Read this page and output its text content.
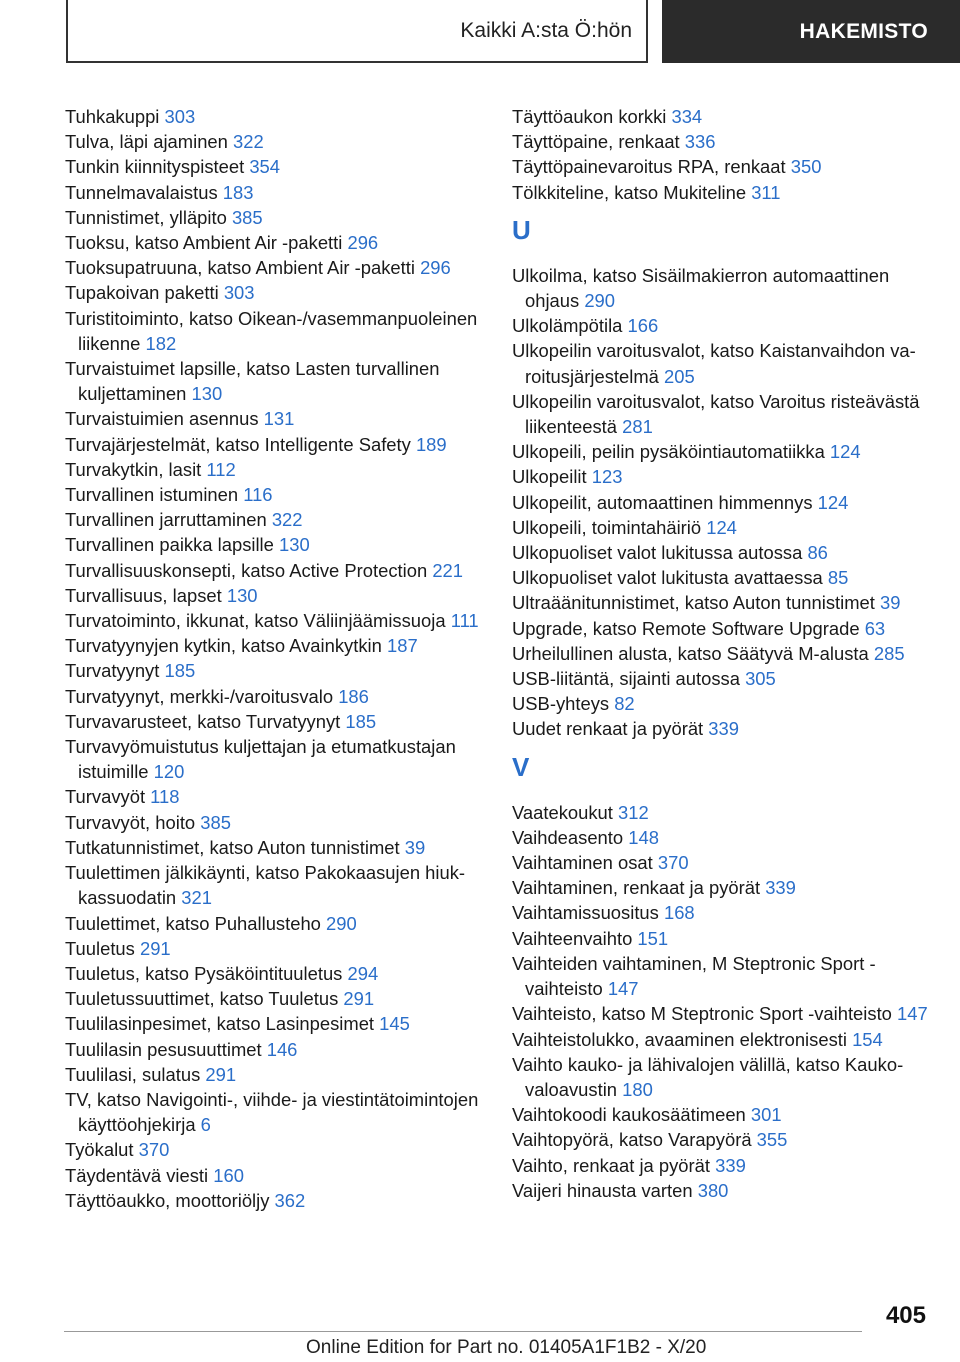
Kaikki A:sta Ö:hön	HAKEMISTO
Tuhkakuppi 303
Tulva, läpi ajaminen 322
Tunkin kiinnityspisteet 354
Tunnelmavalaistus 183
Tunnistimet, ylläpito 385
Tuoksu, katso Ambient Air -paketti 296
Tuoksupatruuna, katso Ambient Air -paketti 296
Tupakoivan paketti 303
Turistitoiminto, katso Oikean-/vasemmanpuoleinen liikenne 182
Turvaistuimet lapsille, katso Lasten turvallinen kuljettaminen 130
Turvaistuimien asennus 131
Turvajärjestelmät, katso Intelligente Safety 189
Turvakytkin, lasit 112
Turvallinen istuminen 116
Turvallinen jarruttaminen 322
Turvallinen paikka lapsille 130
Turvallisuuskonsepti, katso Active Protection 221
Turvallisuus, lapset 130
Turvatoiminto, ikkunat, katso Väliinjäämissuoja 111
Turvatyynyjen kytkin, katso Avainkytkin 187
Turvatyynyt 185
Turvatyynyt, merkki-/varoitusvalo 186
Turvavarusteet, katso Turvatyynyt 185
Turvavyömuistutus kuljettajan ja etumatkustajan istuimille 120
Turvavyöt 118
Turvavyöt, hoito 385
Tutkatunnistimet, katso Auton tunnistimet 39
Tuulettimen jälkikäynti, katso Pakokaasujen hiukkassuodatin 321
Tuulettimet, katso Puhallusteho 290
Tuuletus 291
Tuuletus, katso Pysäköintituuletus 294
Tuuletussuuttimet, katso Tuuletus 291
Tuulilasinpesimet, katso Lasinpesimet 145
Tuulilasin pesusuuttimet 146
Tuulilasi, sulatus 291
TV, katso Navigointi-, viihde- ja viestintätoimintojen käyttöohjekirja 6
Työkalut 370
Täydentävä viesti 160
Täyttöaukko, moottoriöljy 362
Täyttöaukon korkki 334
Täyttöpaine, renkaat 336
Täyttöpainevaroitus RPA, renkaat 350
Tölkkiteline, katso Mukiteline 311
U
Ulkoilma, katso Sisäilmakierron automaattinen ohjaus 290
Ulkolämpötila 166
Ulkopeilin varoitusvalot, katso Kaistanvaihdon varoitusjärjestelmä 205
Ulkopeilin varoitusvalot, katso Varoitus risteävästä liikenteestä 281
Ulkopeili, peilin pysäköintiautomatiikka 124
Ulkopeilit 123
Ulkopeilit, automaattinen himmennys 124
Ulkopeili, toimintahäiriö 124
Ulkopuoliset valot lukitussa autossa 86
Ulkopuoliset valot lukitusta avattaessa 85
Ultraäänitunnistimet, katso Auton tunnistimet 39
Upgrade, katso Remote Software Upgrade 63
Urheilullinen alusta, katso Säätyvä M-alusta 285
USB-liitäntä, sijainti autossa 305
USB-yhteys 82
Uudet renkaat ja pyörät 339
V
Vaatekoukut 312
Vaihdeasento 148
Vaihtaminen osat 370
Vaihtaminen, renkaat ja pyörät 339
Vaihtamissuositus 168
Vaihteenvaihto 151
Vaihteiden vaihtaminen, M Steptronic Sport -vaihteisto 147
Vaihteisto, katso M Steptronic Sport -vaihteisto 147
Vaihteistolukko, avaaminen elektronisesti 154
Vaihto kauko- ja lähivalojen välillä, katso Kaukovaloavustin 180
Vaihtokoodi kaukosäätimeen 301
Vaihtopyörä, katso Varapyörä 355
Vaihto, renkaat ja pyörät 339
Vaijeri hinausta varten 380
405
Online Edition for Part no. 01405A1F1B2 - X/20
